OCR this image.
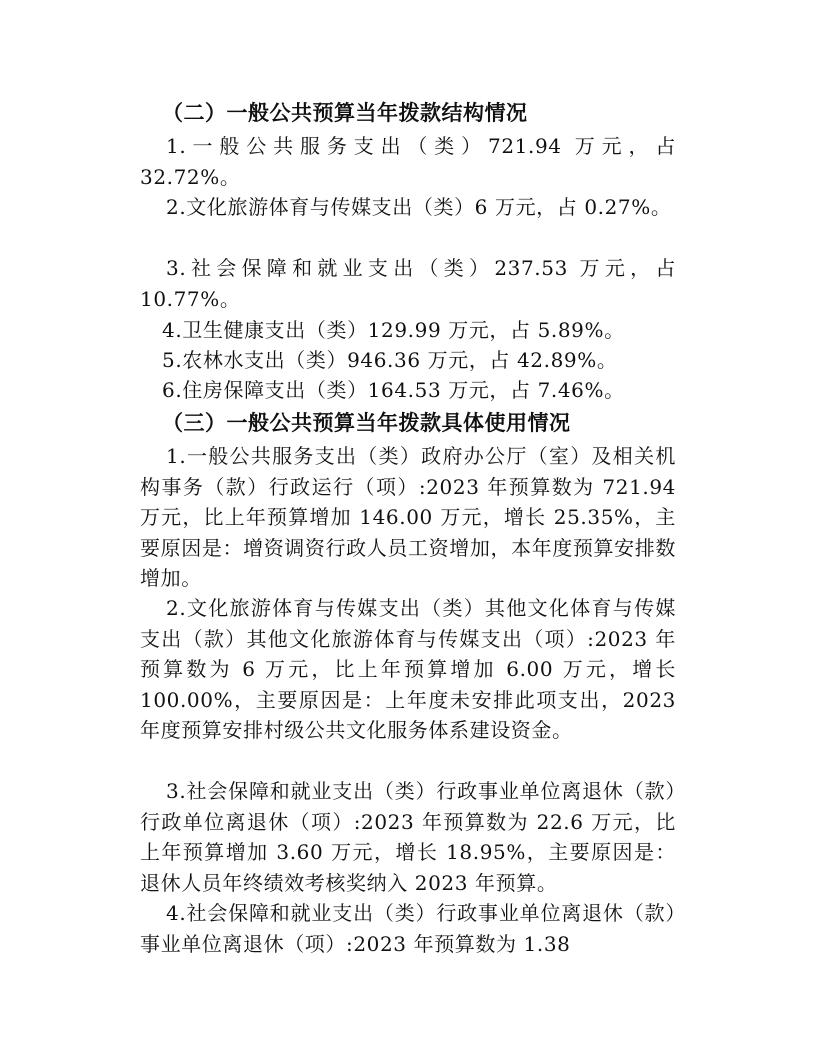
（二）一般公共预算当年拨款结构情况
1.一般公共服务支出（类）721.94 万元，占 32.72%。
2.文化旅游体育与传媒支出（类）6 万元，占 0.27%。
3.社会保障和就业支出（类）237.53 万元，占 10.77%。
4.卫生健康支出（类）129.99 万元，占 5.89%。
5.农林水支出（类）946.36 万元，占 42.89%。
6.住房保障支出（类）164.53 万元，占 7.46%。
（三）一般公共预算当年拨款具体使用情况
1.一般公共服务支出（类）政府办公厅（室）及相关机构事务（款）行政运行（项）:2023 年预算数为 721.94 万元，比上年预算增加 146.00 万元，增长 25.35%，主要原因是：增资调资行政人员工资增加，本年度预算安排数增加。
2.文化旅游体育与传媒支出（类）其他文化体育与传媒支出（款）其他文化旅游体育与传媒支出（项）:2023 年预算数为 6 万元，比上年预算增加 6.00 万元，增长 100.00%，主要原因是：上年度未安排此项支出，2023 年度预算安排村级公共文化服务体系建设资金。
3.社会保障和就业支出（类）行政事业单位离退休（款）行政单位离退休（项）:2023 年预算数为 22.6 万元，比上年预算增加 3.60 万元，增长 18.95%，主要原因是：退休人员年终绩效考核奖纳入 2023 年预算。
4.社会保障和就业支出（类）行政事业单位离退休（款）事业单位离退休（项）:2023 年预算数为 1.38
